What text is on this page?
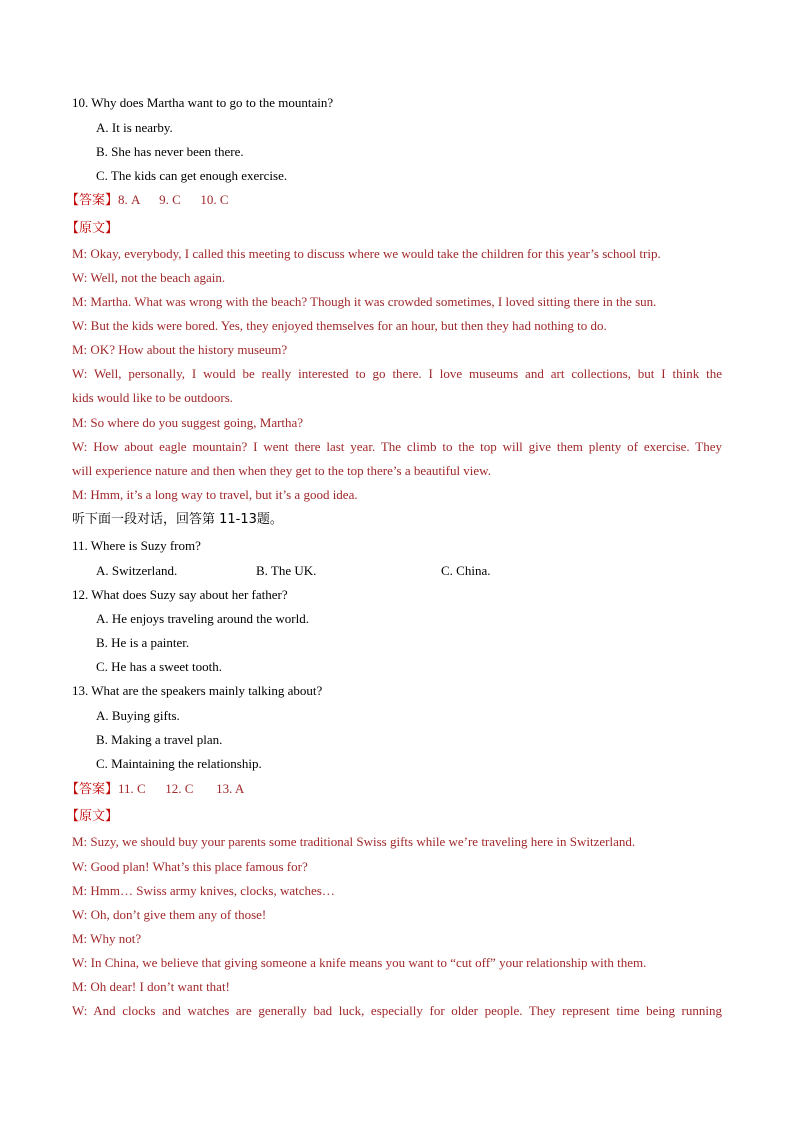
10. Why does Martha want to go to the mountain?
A. It is nearby.
B. She has never been there.
C. The kids can get enough exercise.
【答案】8. A      9. C      10. C
【原文】
M: Okay, everybody, I called this meeting to discuss where we would take the children for this year’s school trip.
W: Well, not the beach again.
M: Martha. What was wrong with the beach? Though it was crowded sometimes, I loved sitting there in the sun.
W: But the kids were bored. Yes, they enjoyed themselves for an hour, but then they had nothing to do.
M: OK? How about the history museum?
W: Well, personally, I would be really interested to go there. I love museums and art collections, but I think the
kids would like to be outdoors.
M: So where do you suggest going, Martha?
W: How about eagle mountain? I went there last year. The climb to the top will give them plenty of exercise. They
will experience nature and then when they get to the top there’s a beautiful view.
M: Hmm, it’s a long way to travel, but it’s a good idea.
听下面一段对话，回答第 11-13题。
11. Where is Suzy from?
A. Switzerland.	B. The UK.	C. China.
12. What does Suzy say about her father?
A. He enjoys traveling around the world.
B. He is a painter.
C. He has a sweet tooth.
13. What are the speakers mainly talking about?
A. Buying gifts.
B. Making a travel plan.
C. Maintaining the relationship.
【答案】11. C      12. C       13. A
【原文】
M: Suzy, we should buy your parents some traditional Swiss gifts while we’re traveling here in Switzerland.
W: Good plan! What’s this place famous for?
M: Hmm… Swiss army knives, clocks, watches…
W: Oh, don’t give them any of those!
M: Why not?
W: In China, we believe that giving someone a knife means you want to “cut off” your relationship with them.
M: Oh dear! I don’t want that!
W: And clocks and watches are generally bad luck, especially for older people. They represent time being running
